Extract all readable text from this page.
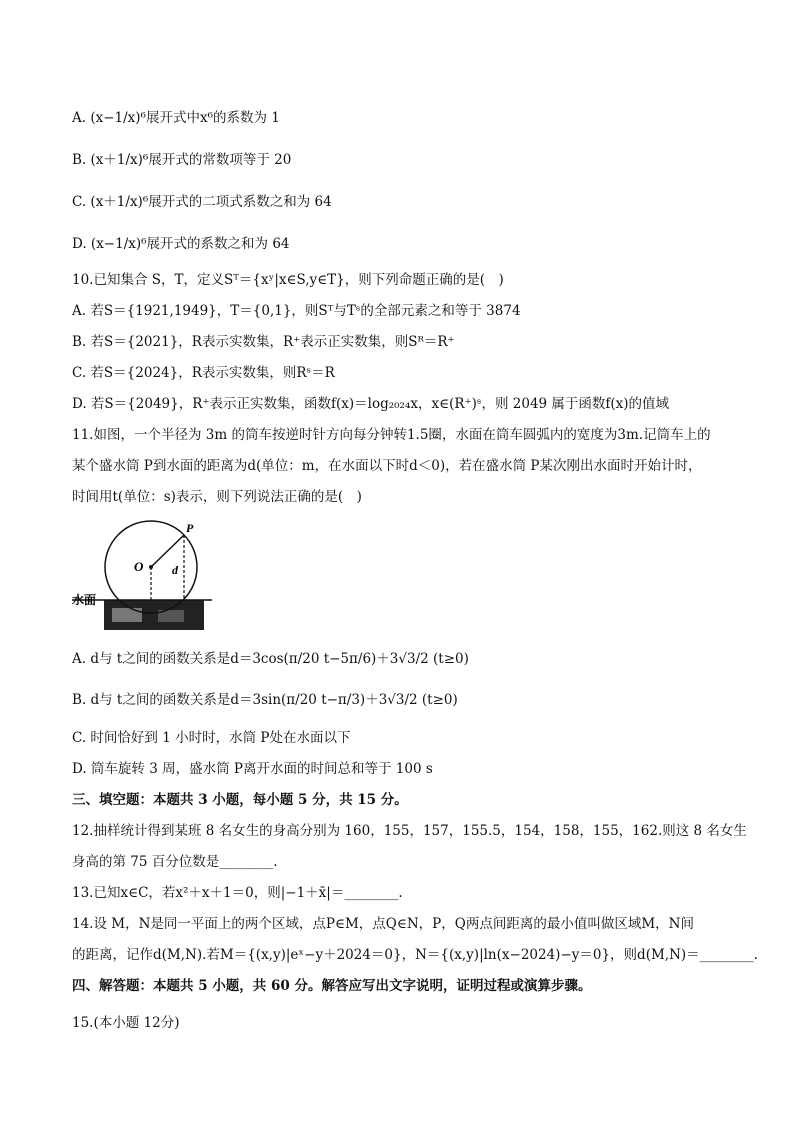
A. (x−1/x)⁶展开式中x⁶的系数为 1
B. (x＋1/x)⁶展开式的常数项等于 20
C. (x＋1/x)⁶展开式的二项式系数之和为 64
D. (x−1/x)⁶展开式的系数之和为 64
10.已知集合 S，T，定义Sᵀ＝{xʸ|x∈S,y∈T}，则下列命题正确的是(　)
A. 若S＝{1921,1949}，T＝{0,1}，则Sᵀ与Tˢ的全部元素之和等于 3874
B. 若S＝{2021}，R表示实数集，R⁺表示正实数集，则Sᴿ＝R⁺
C. 若S＝{2024}，R表示实数集，则Rˢ＝R
D. 若S＝{2049}，R⁺表示正实数集，函数f(x)＝log₂₀₂₄x，x∈(R⁺)ˢ，则 2049 属于函数f(x)的值域
11.如图，一个半径为 3m 的筒车按逆时针方向每分钟转1.5圈，水面在筒车圆弧内的宽度为3m.记筒车上的
某个盛水筒 P到水面的距离为d(单位：m，在水面以下时d＜0)，若在盛水筒 P某次刚出水面时开始计时，
时间用t(单位：s)表示，则下列说法正确的是(　)
O
P
d
水面
A. d与 t之间的函数关系是d＝3cos(π/20 t−5π/6)＋3√3/2 (t≥0)
B. d与 t之间的函数关系是d＝3sin(π/20 t−π/3)＋3√3/2 (t≥0)
C. 时间恰好到 1 小时时，水筒 P处在水面以下
D. 筒车旋转 3 周，盛水筒 P离开水面的时间总和等于 100 s
三、填空题：本题共 3 小题，每小题 5 分，共 15 分。
12.抽样统计得到某班 8 名女生的身高分别为 160，155，157，155.5，154，158，155，162.则这 8 名女生
身高的第 75 百分位数是________.
13.已知x∈C，若x²＋x＋1＝0，则|−1＋x̄|＝________.
14.设 M，N是同一平面上的两个区域，点P∈M，点Q∈N，P，Q两点间距离的最小值叫做区域M，N间
的距离，记作d(M,N).若M＝{(x,y)|eˣ−y＋2024＝0}，N＝{(x,y)|ln(x−2024)−y＝0}，则d(M,N)＝________.
四、解答题：本题共 5 小题，共 60 分。解答应写出文字说明，证明过程或演算步骤。
15.(本小题 12分)
